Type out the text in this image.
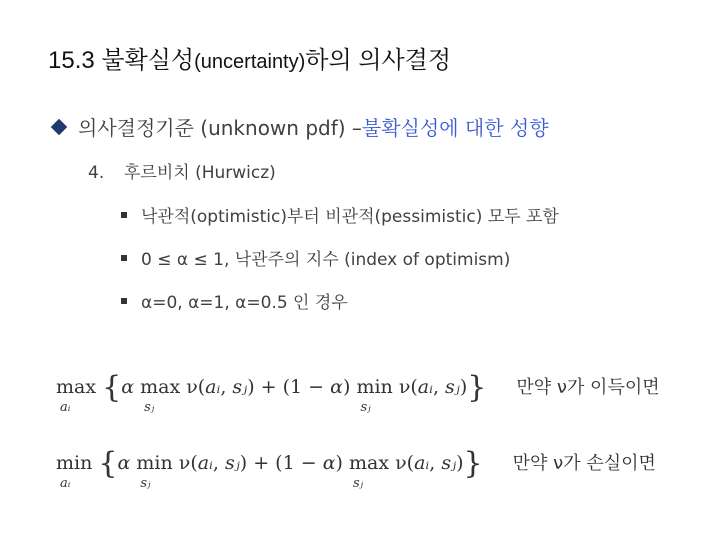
15.3 불확실성(uncertainty)하의 의사결정
의사결정기준 (unknown pdf) – 불확실성에 대한 성향
4. 후르비치 (Hurwicz)
낙관적(optimistic)부터 비관적(pessimistic) 모두 포함
0 ≤ α ≤ 1, 낙관주의 지수 (index of optimism)
α=0, α=1, α=0.5 인 경우
max
aᵢ
{α max
sⱼ
ν(aᵢ, sⱼ) + (1 − α) min
sⱼ
ν(aᵢ, sⱼ)} 만약 ν가 이득이면
min
aᵢ
{α min
sⱼ
ν(aᵢ, sⱼ) + (1 − α) max
sⱼ
ν(aᵢ, sⱼ)} 만약 ν가 손실이면
